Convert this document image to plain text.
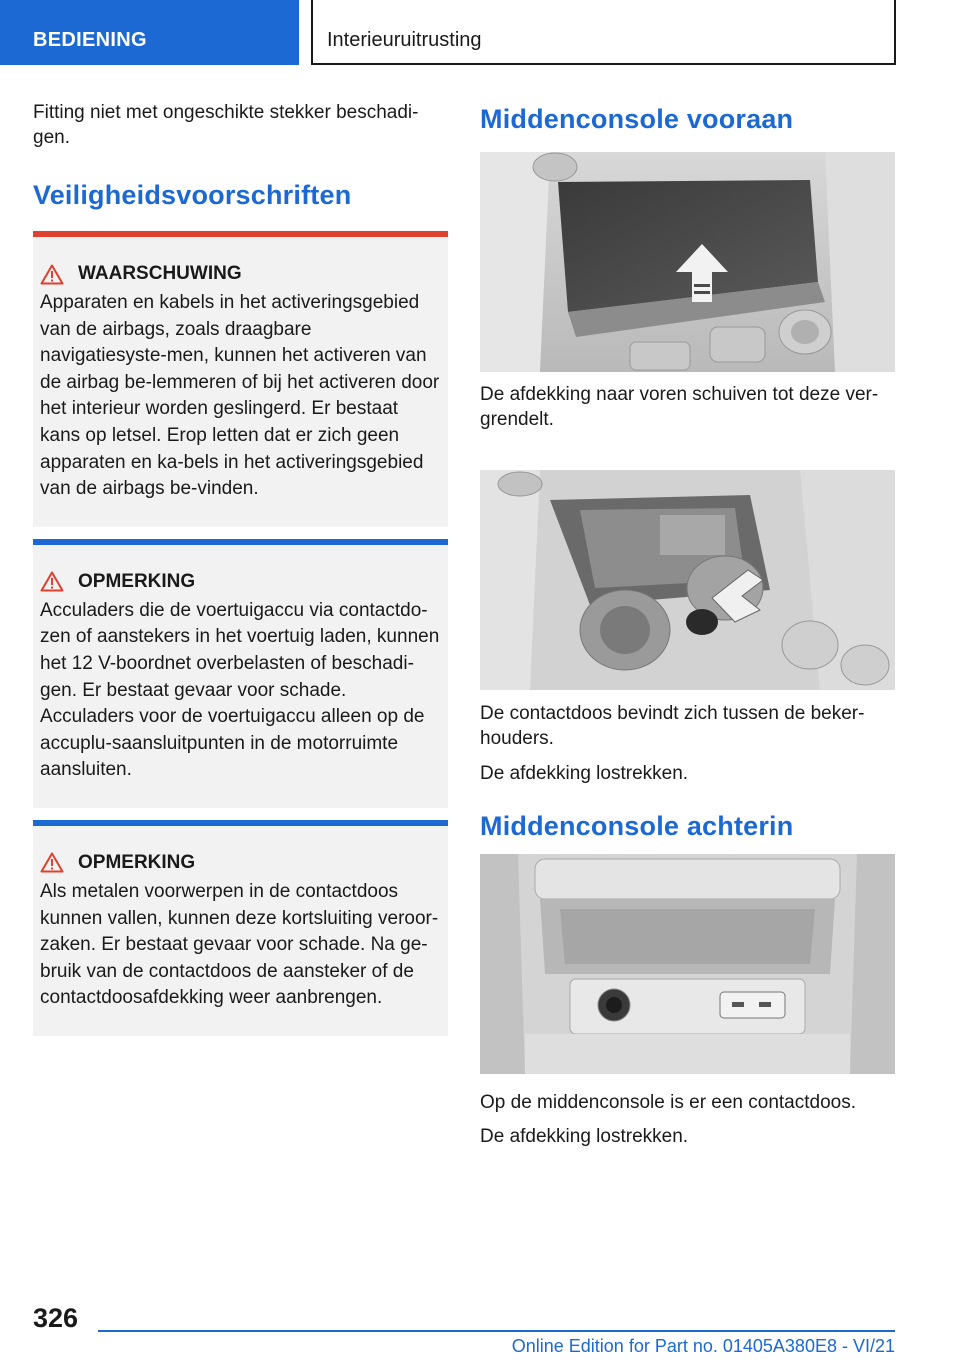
BEDIENING	Interieuruitrusting

Fitting niet met ongeschikte stekker beschadi-gen.

Veiligheidsvoorschriften
WAARSCHUWING
Apparaten en kabels in het activeringsgebied van de airbags, zoals draagbare navigatiesyste-men, kunnen het activeren van de airbag be-lemmeren of bij het activeren door het interieur worden geslingerd. Er bestaat kans op letsel. Erop letten dat er zich geen apparaten en ka-bels in het activeringsgebied van de airbags be-vinden.
OPMERKING
Acculaders die de voertuigaccu via contactdo-zen of aanstekers in het voertuig laden, kunnen het 12 V-boordnet overbelasten of beschadi-gen. Er bestaat gevaar voor schade. Acculaders voor de voertuigaccu alleen op de accuplu-saansluitpunten in de motorruimte aansluiten.
OPMERKING
Als metalen voorwerpen in de contactdoos kunnen vallen, kunnen deze kortsluiting veroor-zaken. Er bestaat gevaar voor schade. Na ge-bruik van de contactdoos de aansteker of de contactdoosafdekking weer aanbrengen.
Middenconsole vooraan

De afdekking naar voren schuiven tot deze ver-grendelt.

De contactdoos bevindt zich tussen de beker-houders.

De afdekking lostrekken.

Middenconsole achterin

Op de middenconsole is er een contactdoos.

De afdekking lostrekken.

326
Online Edition for Part no. 01405A380E8 - VI/21
